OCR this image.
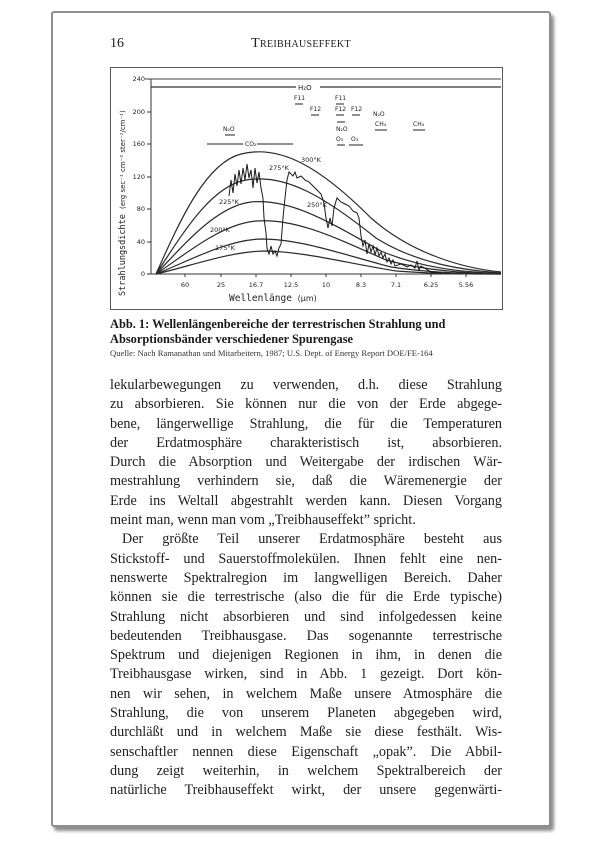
16	Treibhauseffekt
H₂O
0
40
80
120
160
200
240
Strahlungsdichte (erg sec⁻¹ cm⁻² ster⁻¹/cm⁻¹)
60	25	16.7	12.5	10	8.3	7.1	6.25	5.56
Wellenlänge (µm)
300°K
275°K
250°K
225°K
200°K
175°K
N₂O
CO₂
F11
F12
F11
F12 F12
N₂O
O₃ O₃
N₂O
CH₄	CH₄
Abb. 1: Wellenlängenbereiche der terrestrischen Strahlung und Absorptionsbänder verschiedener Spurengase
Quelle: Nach Ramanathan und Mitarbeitern, 1987; U.S. Dept. of Energy Report DOE/FE-164

lekularbewegungen zu verwenden, d.h. diese Strahlung

zu absorbieren. Sie können nur die von der Erde abgege-

bene, längerwellige Strahlung, die für die Temperaturen

der Erdatmosphäre charakteristisch ist, absorbieren.

Durch die Absorption und Weitergabe der irdischen Wär-

mestrahlung verhindern sie, daß die Wäremenergie der

Erde ins Weltall abgestrahlt werden kann. Diesen Vorgang

meint man, wenn man vom „Treibhauseffekt” spricht.

Der größte Teil unserer Erdatmosphäre besteht aus

Stickstoff- und Sauerstoffmolekülen. Ihnen fehlt eine nen-

nenswerte Spektralregion im langwelligen Bereich. Daher

können sie die terrestrische (also die für die Erde typische)

Strahlung nicht absorbieren und sind infolgedessen keine

bedeutenden Treibhausgase. Das sogenannte terrestrische

Spektrum und diejenigen Regionen in ihm, in denen die

Treibhausgase wirken, sind in Abb. 1 gezeigt. Dort kön-

nen wir sehen, in welchem Maße unsere Atmosphäre die

Strahlung, die von unserem Planeten abgegeben wird,

durchläßt und in welchem Maße sie diese festhält. Wis-

senschaftler nennen diese Eigenschaft „opak”. Die Abbil-

dung zeigt weiterhin, in welchem Spektralbereich der

natürliche Treibhauseffekt wirkt, der unsere gegenwärti-
